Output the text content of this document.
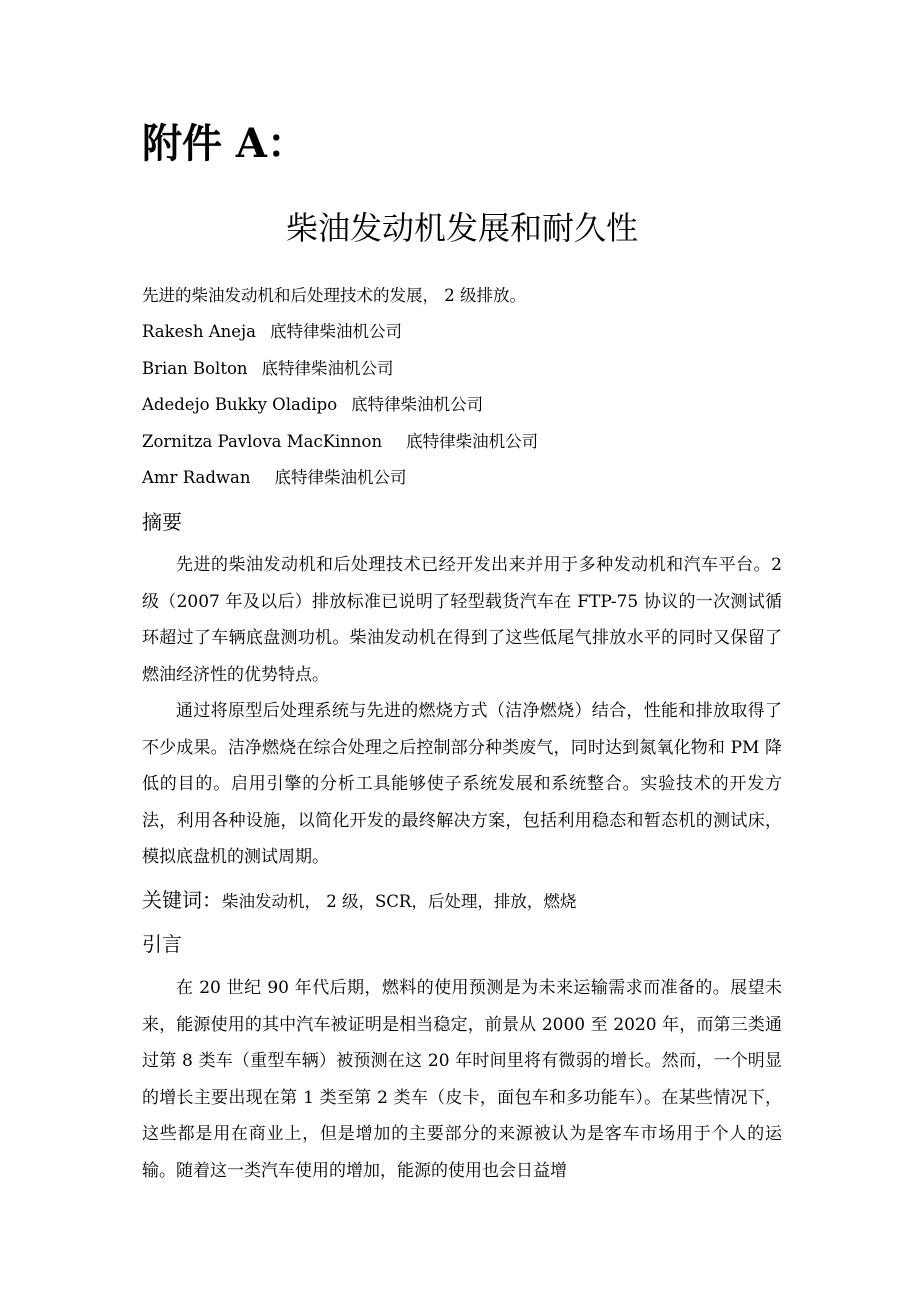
附件 A：
柴油发动机发展和耐久性
先进的柴油发动机和后处理技术的发展， 2 级排放。
Rakesh Aneja 底特律柴油机公司
Brian Bolton 底特律柴油机公司
Adedejo Bukky Oladipo 底特律柴油机公司
Zornitza Pavlova MacKinnon 底特律柴油机公司
Amr Radwan 底特律柴油机公司
摘要

先进的柴油发动机和后处理技术已经开发出来并用于多种发动机和汽车平台。2 级（2007 年及以后）排放标准已说明了轻型载货汽车在 FTP-75 协议的一次测试循环超过了车辆底盘测功机。柴油发动机在得到了这些低尾气排放水平的同时又保留了燃油经济性的优势特点。

通过将原型后处理系统与先进的燃烧方式（洁净燃烧）结合，性能和排放取得了不少成果。洁净燃烧在综合处理之后控制部分种类废气，同时达到氮氧化物和 PM 降低的目的。启用引擎的分析工具能够使子系统发展和系统整合。实验技术的开发方法，利用各种设施，以简化开发的最终解决方案，包括利用稳态和暂态机的测试床，模拟底盘机的测试周期。

关键词：柴油发动机， 2 级，SCR，后处理，排放，燃烧
引言

在 20 世纪 90 年代后期，燃料的使用预测是为未来运输需求而准备的。展望未来，能源使用的其中汽车被证明是相当稳定，前景从 2000 至 2020 年，而第三类通过第 8 类车（重型车辆）被预测在这 20 年时间里将有微弱的增长。然而，一个明显的增长主要出现在第 1 类至第 2 类车（皮卡，面包车和多功能车）。在某些情况下，这些都是用在商业上，但是增加的主要部分的来源被认为是客车市场用于个人的运输。随着这一类汽车使用的增加，能源的使用也会日益增
